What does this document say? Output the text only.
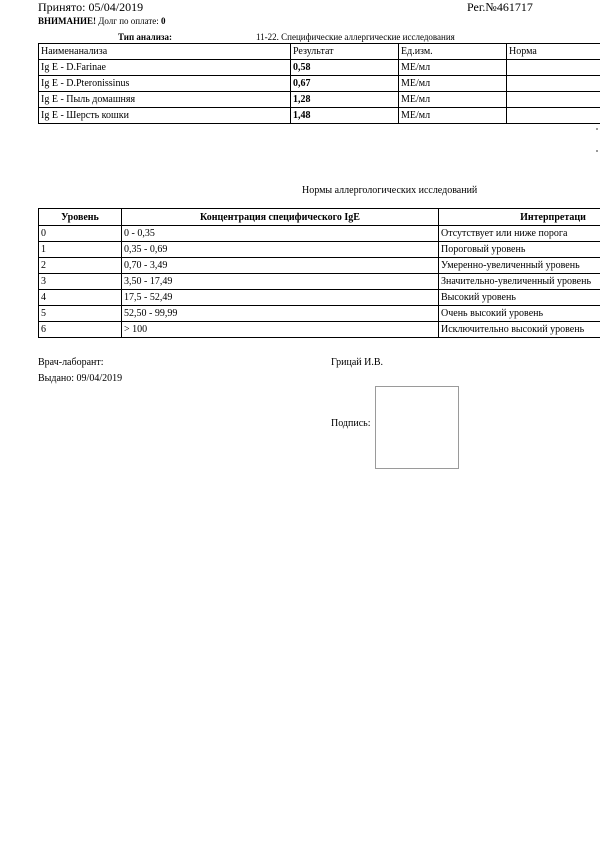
Принято: 05/04/2019	Рег.№461717
ВНИМАНИЕ! Долг по оплате: 0
Тип анализа:	11-22. Специфические аллергические исследования
Наименанализа	Результат	Ед.изм.	Норма
Ig E - D.Farinae	0,58	МЕ/мл	
Ig E - D.Pteronissinus	0,67	МЕ/мл	
Ig E - Пыль домашняя	1,28	МЕ/мл	
Ig E - Шерсть кошки	1,48	МЕ/мл	
Нормы аллергологических исследований
Уровень	Концентрация специфического IgE	Интерпретаци
0	0 - 0,35	Отсутствует или ниже порога
1	0,35 - 0,69	Пороговый уровень
2	0,70 - 3,49	Умеренно-увеличенный уровень
3	3,50 - 17,49	Значительно-увеличенный уровень
4	17,5 - 52,49	Высокий уровень
5	52,50 - 99,99	Очень высокий уровень
6	> 100	Исключительно высокий уровень
Врач-лаборант:	Грицай И.В.
Выдано: 09/04/2019
Подпись:
